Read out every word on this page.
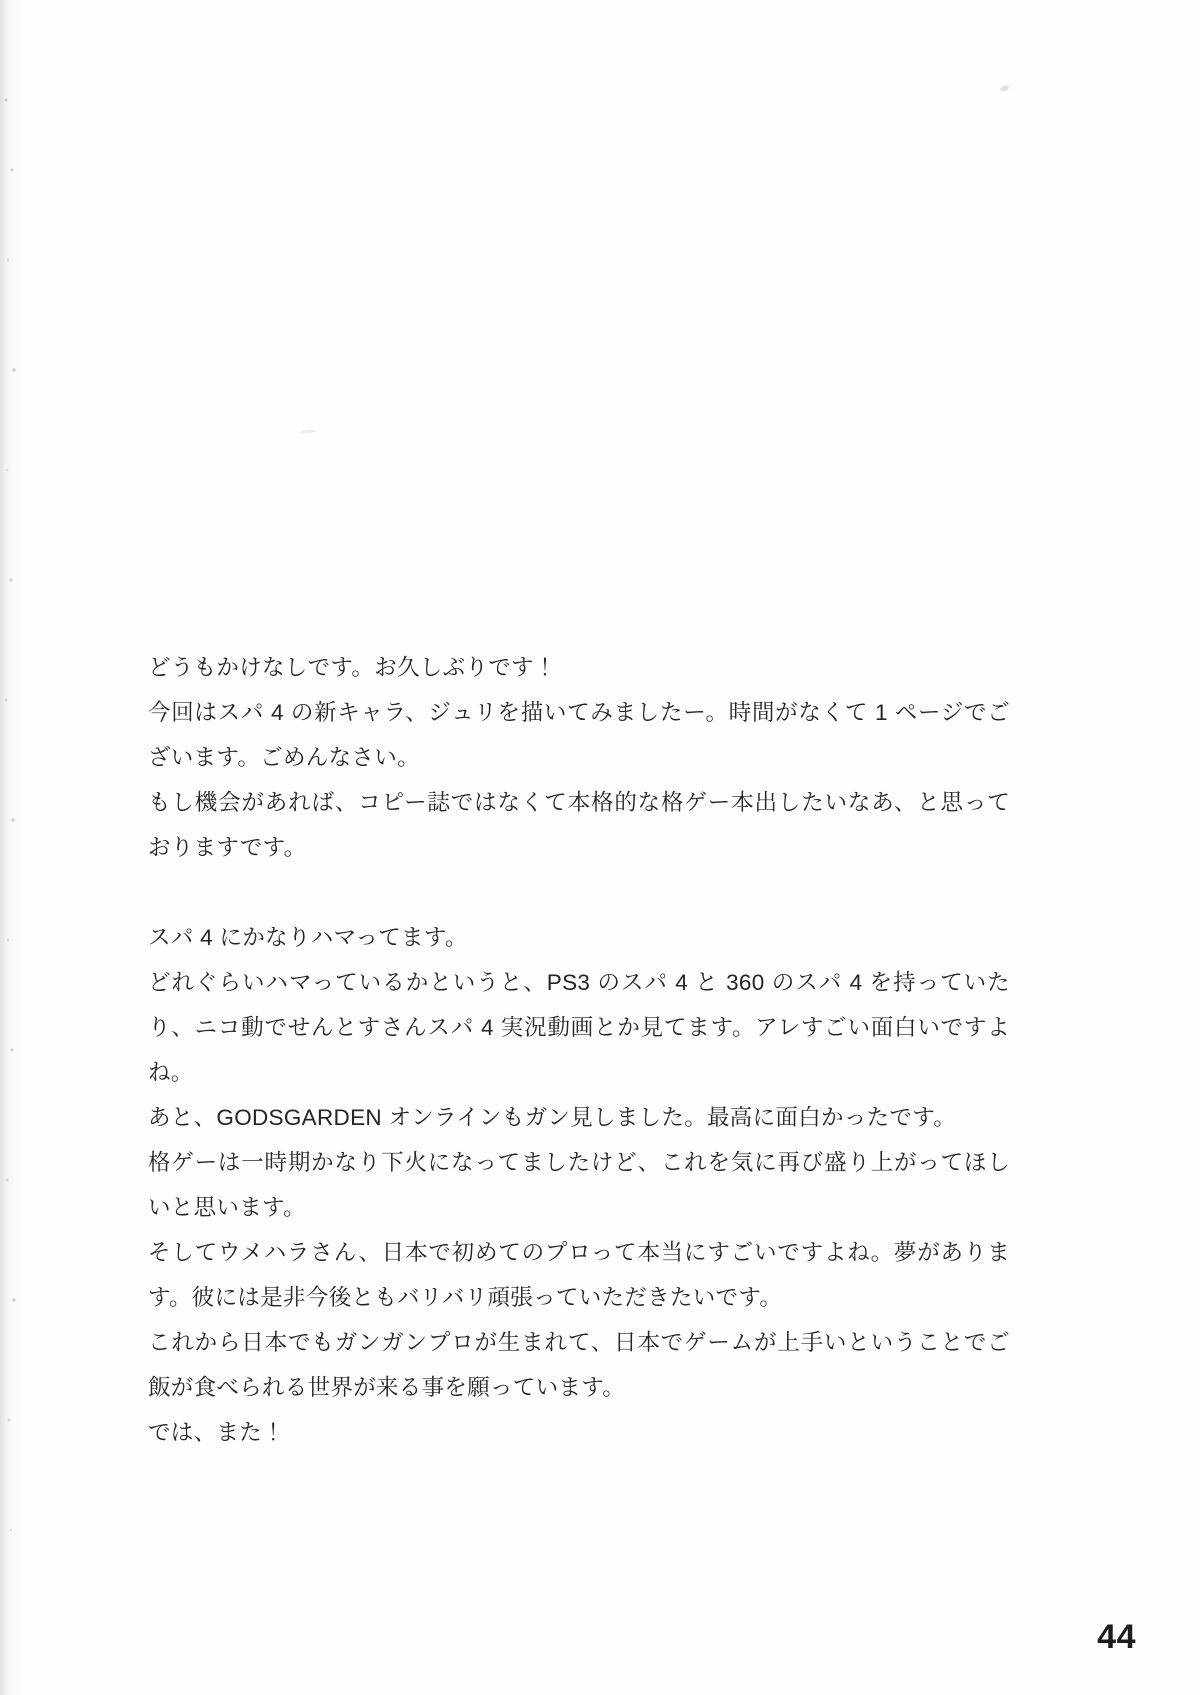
どうもかけなしです。お久しぶりです！

今回はスパ 4 の新キャラ、ジュリを描いてみましたー。時間がなくて 1 ページでございます。ごめんなさい。

もし機会があれば、コピー誌ではなくて本格的な格ゲー本出したいなあ、と思っておりますです。

スパ 4 にかなりハマってます。

どれぐらいハマっているかというと、PS3 のスパ 4 と 360 のスパ 4 を持っていたり、ニコ動でせんとすさんスパ 4 実況動画とか見てます。アレすごい面白いですよね。

あと、GODSGARDEN オンラインもガン見しました。最高に面白かったです。

格ゲーは一時期かなり下火になってましたけど、これを気に再び盛り上がってほしいと思います。

そしてウメハラさん、日本で初めてのプロって本当にすごいですよね。夢があります。彼には是非今後ともバリバリ頑張っていただきたいです。

これから日本でもガンガンプロが生まれて、日本でゲームが上手いということでご飯が食べられる世界が来る事を願っています。

では、また！

44
